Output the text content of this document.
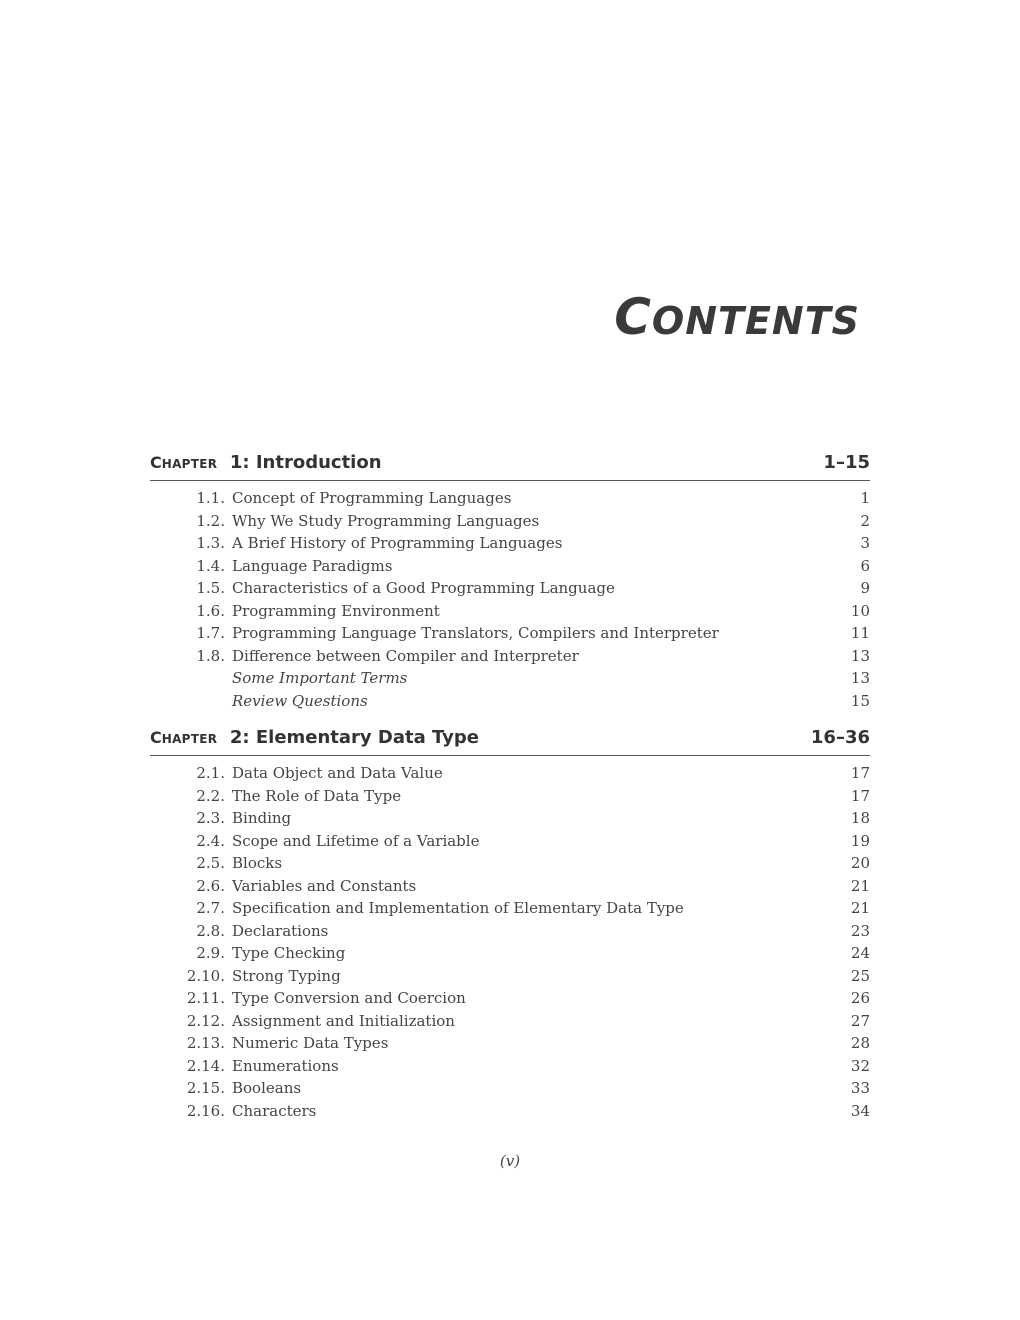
CONTENTS
CHAPTER 1: Introduction	1–15
1.1. Concept of Programming Languages	1
1.2. Why We Study Programming Languages	2
1.3. A Brief History of Programming Languages	3
1.4. Language Paradigms	6
1.5. Characteristics of a Good Programming Language	9
1.6. Programming Environment	10
1.7. Programming Language Translators, Compilers and Interpreter	11
1.8. Difference between Compiler and Interpreter	13
Some Important Terms	13
Review Questions	15
CHAPTER 2: Elementary Data Type	16–36
2.1. Data Object and Data Value	17
2.2. The Role of Data Type	17
2.3. Binding	18
2.4. Scope and Lifetime of a Variable	19
2.5. Blocks	20
2.6. Variables and Constants	21
2.7. Specification and Implementation of Elementary Data Type	21
2.8. Declarations	23
2.9. Type Checking	24
2.10. Strong Typing	25
2.11. Type Conversion and Coercion	26
2.12. Assignment and Initialization	27
2.13. Numeric Data Types	28
2.14. Enumerations	32
2.15. Booleans	33
2.16. Characters	34
(v)
